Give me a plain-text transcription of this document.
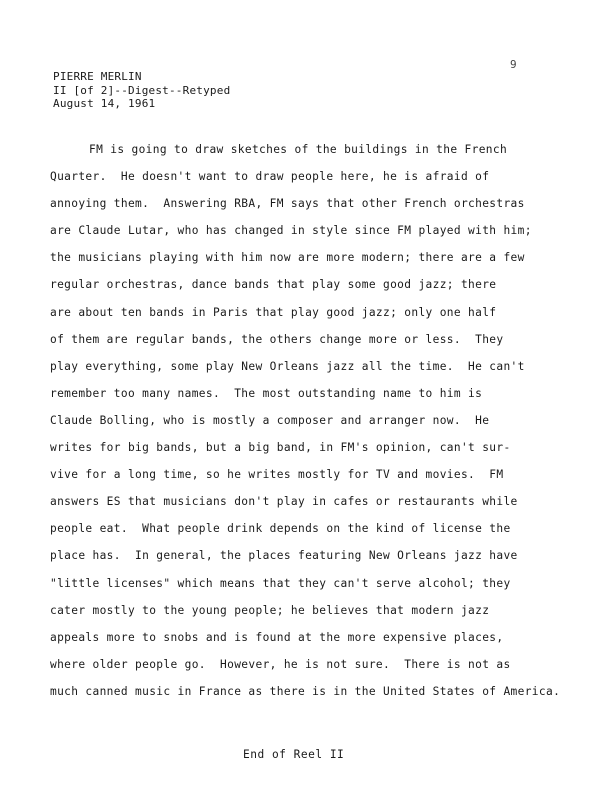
9
PIERRE MERLIN
II [of 2]--Digest--Retyped
August 14, 1961
FM is going to draw sketches of the buildings in the French
Quarter.  He doesn't want to draw people here, he is afraid of
annoying them.  Answering RBA, FM says that other French orchestras
are Claude Lutar, who has changed in style since FM played with him;
the musicians playing with him now are more modern; there are a few
regular orchestras, dance bands that play some good jazz; there
are about ten bands in Paris that play good jazz; only one half
of them are regular bands, the others change more or less.  They
play everything, some play New Orleans jazz all the time.  He can't
remember too many names.  The most outstanding name to him is
Claude Bolling, who is mostly a composer and arranger now.  He
writes for big bands, but a big band, in FM's opinion, can't sur-
vive for a long time, so he writes mostly for TV and movies.  FM
answers ES that musicians don't play in cafes or restaurants while
people eat.  What people drink depends on the kind of license the
place has.  In general, the places featuring New Orleans jazz have
"little licenses" which means that they can't serve alcohol; they
cater mostly to the young people; he believes that modern jazz
appeals more to snobs and is found at the more expensive places,
where older people go.  However, he is not sure.  There is not as
much canned music in France as there is in the United States of America.
End of Reel II
